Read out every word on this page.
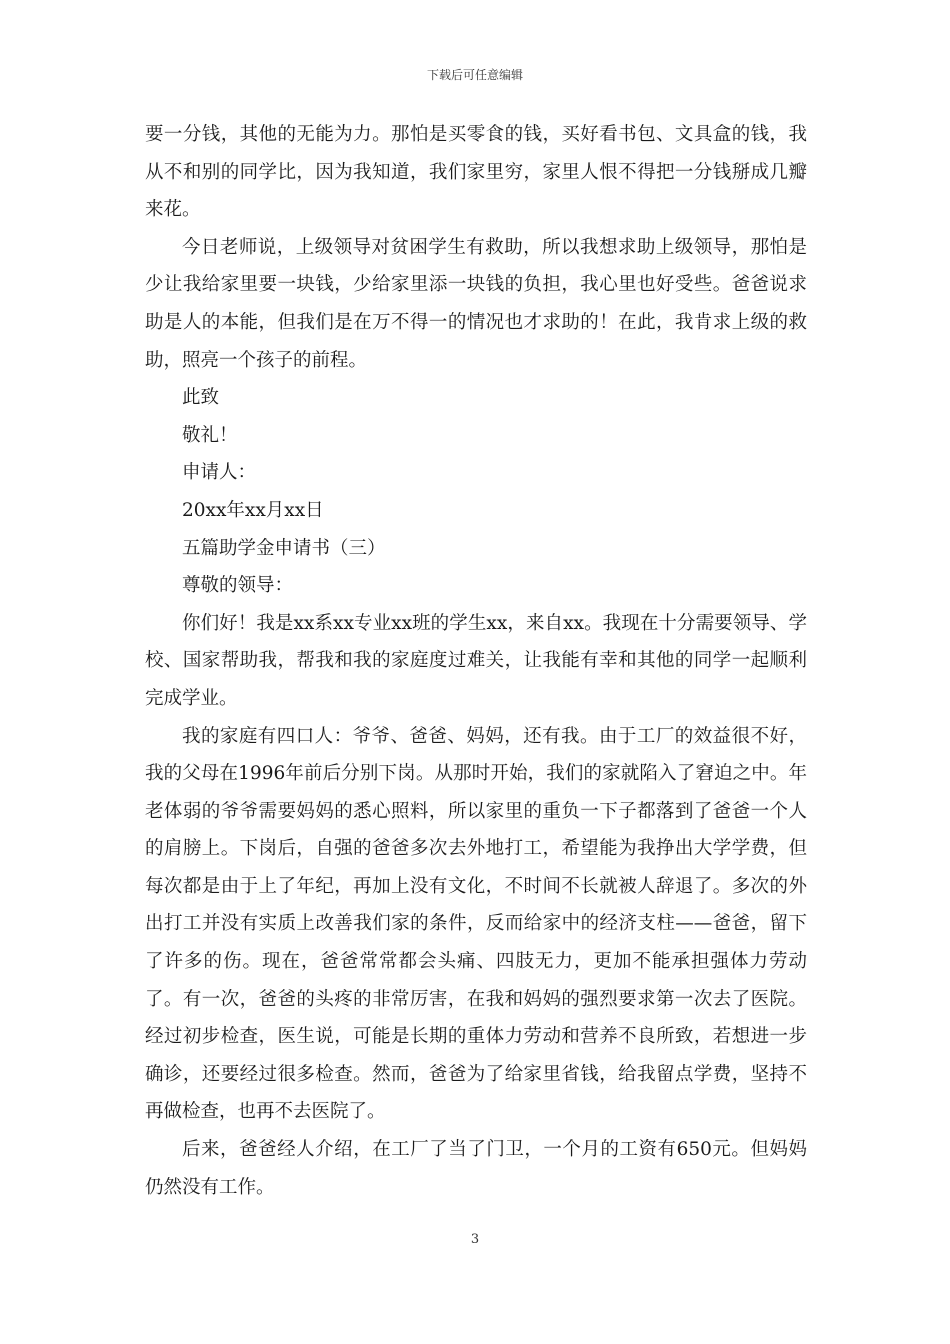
下载后可任意编辑

要一分钱，其他的无能为力。那怕是买零食的钱，买好看书包、文具盒的钱，我从不和别的同学比，因为我知道，我们家里穷，家里人恨不得把一分钱掰成几瓣来花。

今日老师说，上级领导对贫困学生有救助，所以我想求助上级领导，那怕是少让我给家里要一块钱，少给家里添一块钱的负担，我心里也好受些。爸爸说求助是人的本能，但我们是在万不得一的情况也才求助的！在此，我肯求上级的救助，照亮一个孩子的前程。

此致

敬礼！

申请人：

20xx年xx月xx日

五篇助学金申请书（三）

尊敬的领导：

你们好！我是xx系xx专业xx班的学生xx，来自xx。我现在十分需要领导、学校、国家帮助我，帮我和我的家庭度过难关，让我能有幸和其他的同学一起顺利完成学业。

我的家庭有四口人：爷爷、爸爸、妈妈，还有我。由于工厂的效益很不好，我的父母在1996年前后分别下岗。从那时开始，我们的家就陷入了窘迫之中。年老体弱的爷爷需要妈妈的悉心照料，所以家里的重负一下子都落到了爸爸一个人的肩膀上。下岗后，自强的爸爸多次去外地打工，希望能为我挣出大学学费，但每次都是由于上了年纪，再加上没有文化，不时间不长就被人辞退了。多次的外出打工并没有实质上改善我们家的条件，反而给家中的经济支柱——爸爸，留下了许多的伤。现在，爸爸常常都会头痛、四肢无力，更加不能承担强体力劳动了。有一次，爸爸的头疼的非常厉害，在我和妈妈的强烈要求第一次去了医院。经过初步检查，医生说，可能是长期的重体力劳动和营养不良所致，若想进一步确诊，还要经过很多检查。然而，爸爸为了给家里省钱，给我留点学费，坚持不再做检查，也再不去医院了。

后来，爸爸经人介绍，在工厂了当了门卫，一个月的工资有650元。但妈妈仍然没有工作。

3
